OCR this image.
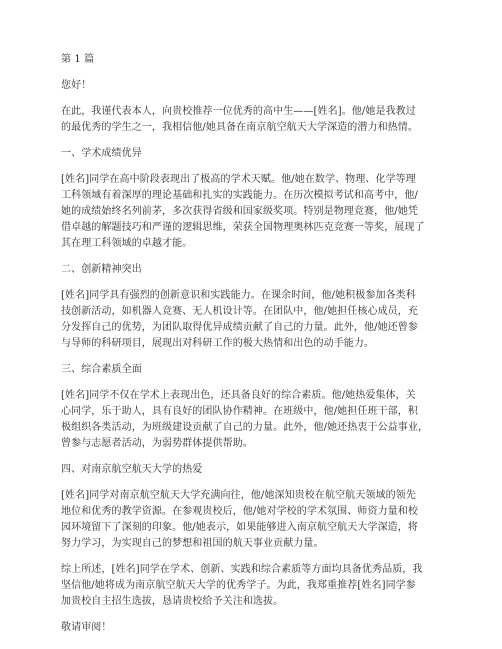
第 1 篇
您好！
在此，我谨代表本人，向贵校推荐一位优秀的高中生——[姓名]。他/她是我教过
的最优秀的学生之一，我相信他/她具备在南京航空航天大学深造的潜力和热情。
一、学术成绩优异
[姓名]同学在高中阶段表现出了极高的学术天赋。他/她在数学、物理、化学等理
工科领域有着深厚的理论基础和扎实的实践能力。在历次模拟考试和高考中，他/
她的成绩始终名列前茅，多次获得省级和国家级奖项。特别是物理竞赛，他/她凭
借卓越的解题技巧和严谨的逻辑思维，荣获全国物理奥林匹克竞赛一等奖，展现了
其在理工科领域的卓越才能。
二、创新精神突出
[姓名]同学具有强烈的创新意识和实践能力。在课余时间，他/她积极参加各类科
技创新活动，如机器人竞赛、无人机设计等。在团队中，他/她担任核心成员，充
分发挥自己的优势，为团队取得优异成绩贡献了自己的力量。此外，他/她还曾参
与导师的科研项目，展现出对科研工作的极大热情和出色的动手能力。
三、综合素质全面
[姓名]同学不仅在学术上表现出色，还具备良好的综合素质。他/她热爱集体，关
心同学，乐于助人，具有良好的团队协作精神。在班级中，他/她担任班干部，积
极组织各类活动，为班级建设贡献了自己的力量。此外，他/她还热衷于公益事业，
曾参与志愿者活动，为弱势群体提供帮助。
四、对南京航空航天大学的热爱
[姓名]同学对南京航空航天大学充满向往，他/她深知贵校在航空航天领域的领先
地位和优秀的教学资源。在参观贵校后，他/她对学校的学术氛围、师资力量和校
园环境留下了深刻的印象。他/她表示，如果能够进入南京航空航天大学深造，将
努力学习，为实现自己的梦想和祖国的航天事业贡献力量。
综上所述，[姓名]同学在学术、创新、实践和综合素质等方面均具备优秀品质，我
坚信他/她将成为南京航空航天大学的优秀学子。为此，我郑重推荐[姓名]同学参
加贵校自主招生选拔，恳请贵校给予关注和选拔。
敬请审阅！
